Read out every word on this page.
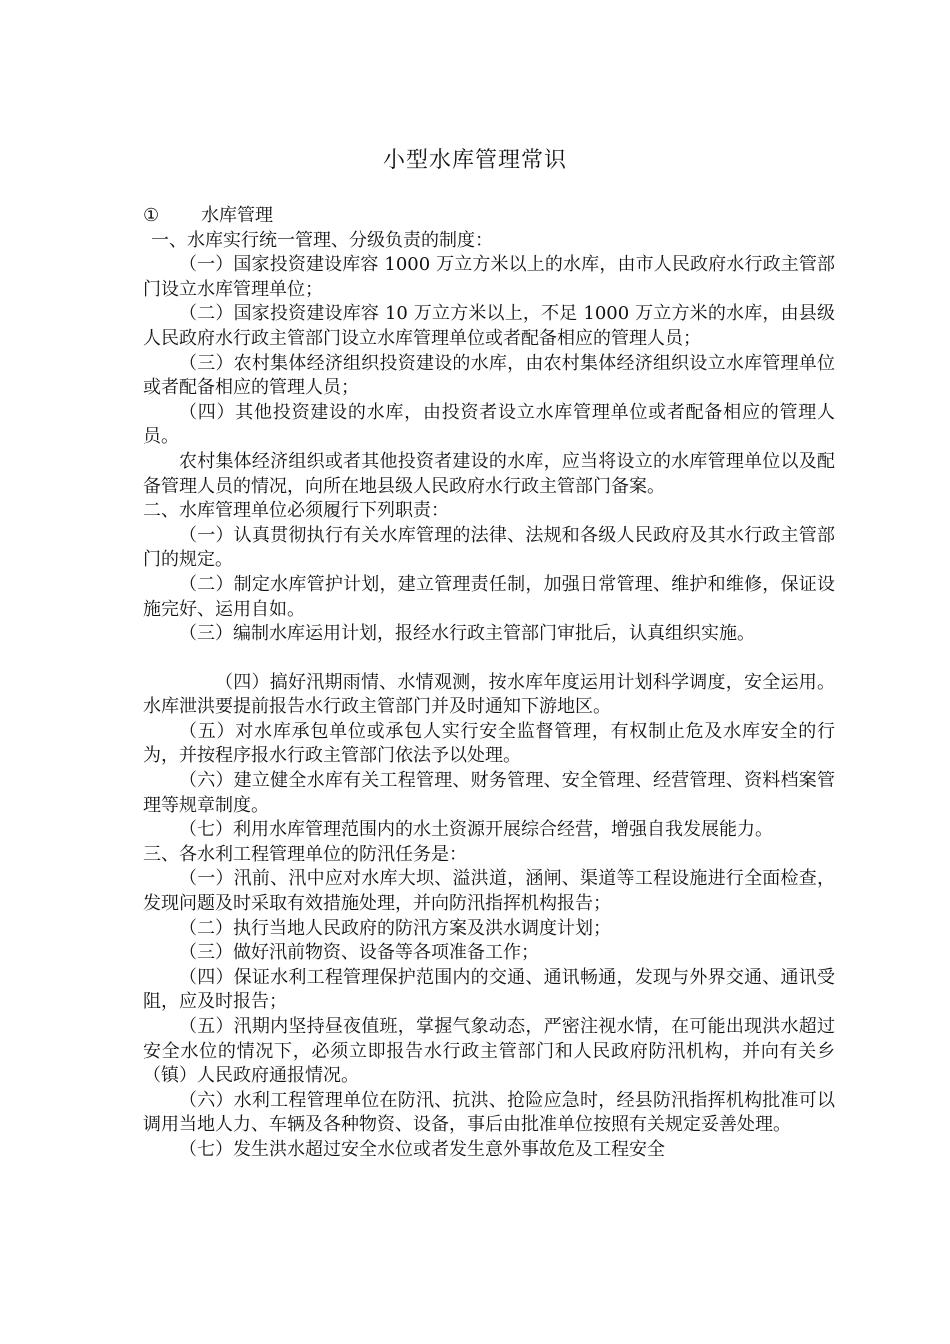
小型水库管理常识
①	水库管理

一、水库实行统一管理、分级负责的制度：

（一）国家投资建设库容 1000 万立方米以上的水库，由市人民政府水行政主管部门设立水库管理单位；

（二）国家投资建设库容 10 万立方米以上，不足 1000 万立方米的水库，由县级人民政府水行政主管部门设立水库管理单位或者配备相应的管理人员；

（三）农村集体经济组织投资建设的水库，由农村集体经济组织设立水库管理单位或者配备相应的管理人员；

（四）其他投资建设的水库，由投资者设立水库管理单位或者配备相应的管理人员。

农村集体经济组织或者其他投资者建设的水库，应当将设立的水库管理单位以及配备管理人员的情况，向所在地县级人民政府水行政主管部门备案。

二、水库管理单位必须履行下列职责：

（一）认真贯彻执行有关水库管理的法律、法规和各级人民政府及其水行政主管部门的规定。

（二）制定水库管护计划，建立管理责任制，加强日常管理、维护和维修，保证设施完好、运用自如。

（三）编制水库运用计划，报经水行政主管部门审批后，认真组织实施。

（四）搞好汛期雨情、水情观测，按水库年度运用计划科学调度，安全运用。水库泄洪要提前报告水行政主管部门并及时通知下游地区。

（五）对水库承包单位或承包人实行安全监督管理，有权制止危及水库安全的行为，并按程序报水行政主管部门依法予以处理。

（六）建立健全水库有关工程管理、财务管理、安全管理、经营管理、资料档案管理等规章制度。

（七）利用水库管理范围内的水土资源开展综合经营，增强自我发展能力。

三、各水利工程管理单位的防汛任务是：

（一）汛前、汛中应对水库大坝、溢洪道，涵闸、渠道等工程设施进行全面检查，发现问题及时采取有效措施处理，并向防汛指挥机构报告；

（二）执行当地人民政府的防汛方案及洪水调度计划；

（三）做好汛前物资、设备等各项准备工作；

（四）保证水利工程管理保护范围内的交通、通讯畅通，发现与外界交通、通讯受阻，应及时报告；

（五）汛期内坚持昼夜值班，掌握气象动态，严密注视水情，在可能出现洪水超过安全水位的情况下，必须立即报告水行政主管部门和人民政府防汛机构，并向有关乡（镇）人民政府通报情况。

（六）水利工程管理单位在防汛、抗洪、抢险应急时，经县防汛指挥机构批准可以调用当地人力、车辆及各种物资、设备，事后由批准单位按照有关规定妥善处理。

（七）发生洪水超过安全水位或者发生意外事故危及工程安全
